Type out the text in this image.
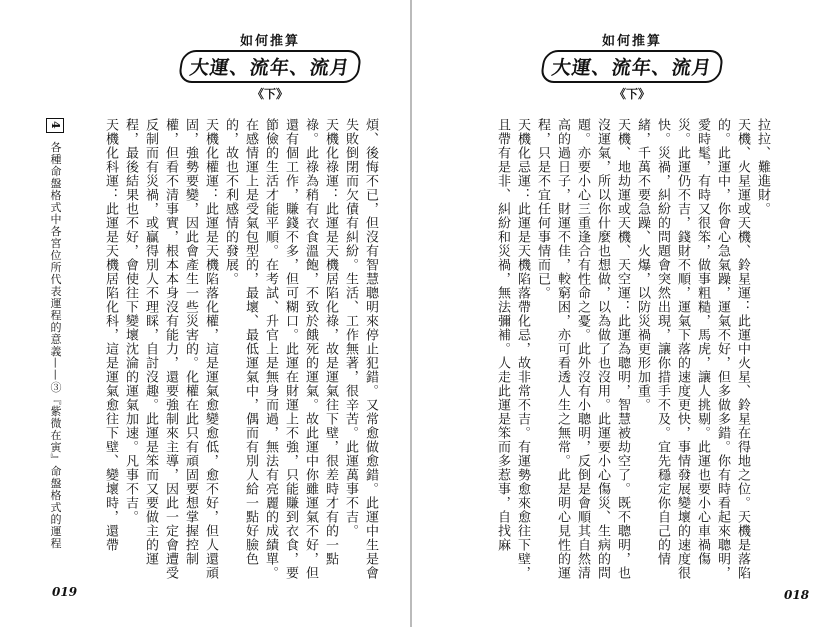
如何推算
大運、流年、流月
《下》

煩、後悔不已，但沒有智慧聰明來停止犯錯。又常愈做愈錯。此運中生是會失敗倒閉而欠債有糾紛。生活、工作無著，很辛苦。此運萬事不吉。

天機化祿運：此運是天機居陷化祿，故是運氣往下壁，很差時才有的一點祿。此祿為稍有衣食溫飽，不致於餓死的運氣。故此運中你雖運氣不好，但還有個工作，賺錢不多，但可糊口。此運在財運上不強，只能賺到衣食，要節儉的生活才能平順。在考試、升官上是無身而過，無法有亮麗的成績單。在感情運上是受氣包型的，最壞、最低運氣中，偶而有別人給一點好臉色的，故也不利感情的發展。

天機化權運：此運是天機陷落化權，這是運氣愈變愈低，愈不好，但人還頑固，強勢要變，因此會產生一些災害的。化權在此只有頑固要想掌握控制權，但看不清事實，根本本身沒有能力，還要強制來主導，因此一定會遭受反制而有災禍，或贏得別人不理睬，自討沒趣。此運是笨而又要做主的運程，最後結果也不好，會使往下變壞沈淪的運氣加速。凡事不吉。

天機化科運：此運是天機居陷化科，這是運氣愈往下壁、變壞時，還帶

4 各種命盤格式中各宮位所代表運程的意義——③『紫微在寅』命盤格式的運程
019
如何推算
大運、流年、流月
《下》

拉拉、難進財。

天機、火星運或天機、鈴星運：此運中火星、鈴星在得地之位。天機是落陷的。此運中，你會心急氣躁，運氣不好，但多做多錯。你有時看起來聰明，愛時髦，有時又很笨，做事粗糙，馬虎，讓人挑剔。此運也要小心車禍傷災。此運仍不吉，錢財不順，運氣下落的速度更快，事情發展變壞的速度很快。災禍，糾紛的問題會突然出現，讓你措手不及。宜先穩定你自己的情緒，千萬不要急躁、火爆，以防災禍更形加重。

天機、地劫運或天機、天空運：此運為聰明，智慧被劫空了。既不聰明，也沒運氣，所以你什麼也想做，以為做了也沒用。此運要小心傷災、生病的問題。亦要小心三重逢合有性命之憂。此外沒有小聰明，反倒是會順其自然清高的過日子，財運不佳，較窮困，亦可看透人生之無常。此是明心見性的運程，只是不宜任何事情而已。

天機化忌運：此運是天機陷落帶化忌，故非常不吉。有運勢愈來愈往下壁，且帶有是非、糾紛和災禍，無法彌補。人走此運是笨而多惹事，自找麻

018
